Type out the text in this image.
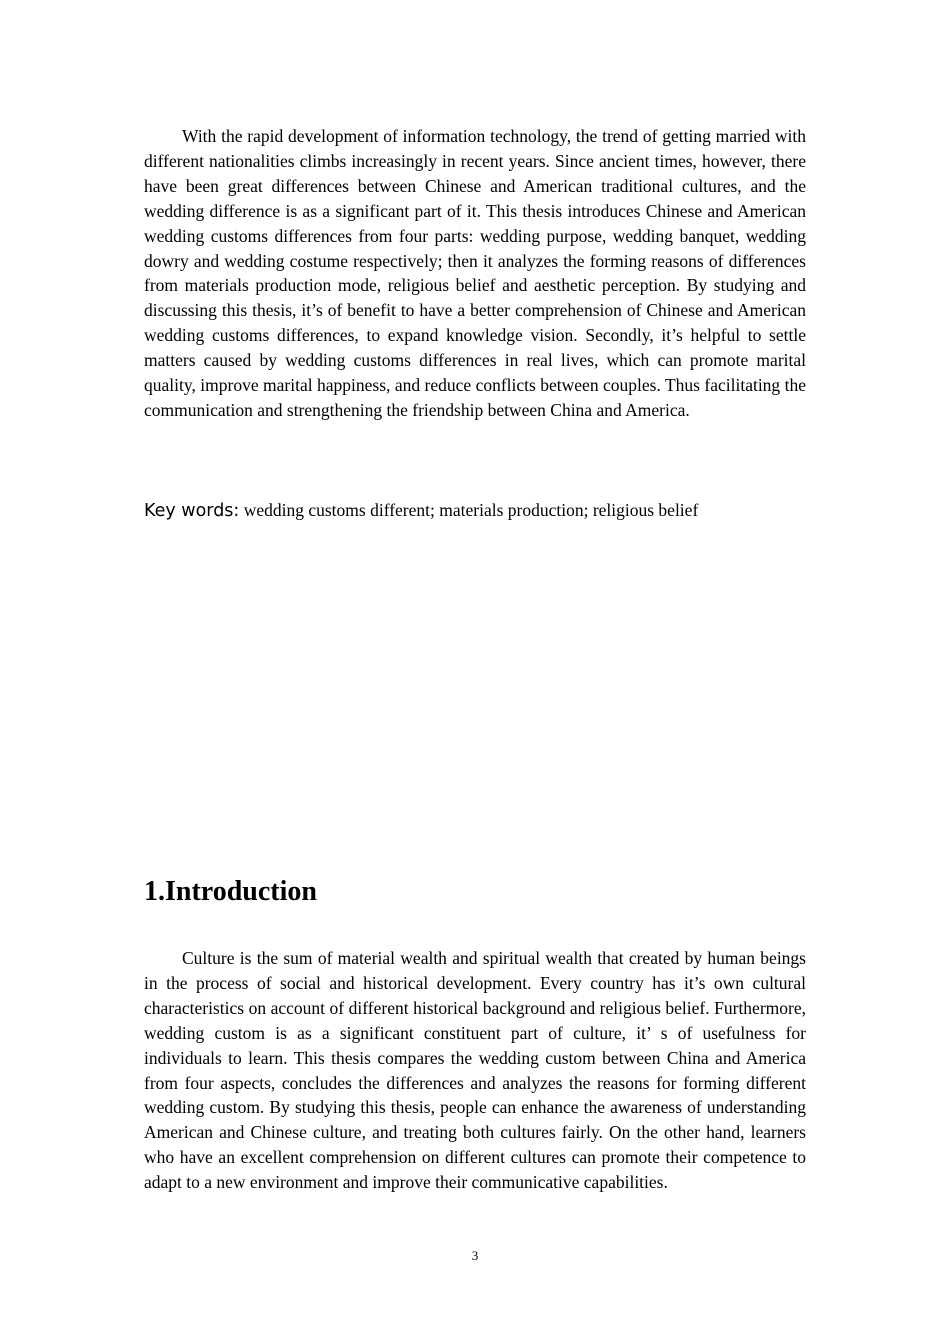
With the rapid development of information technology, the trend of getting married with different nationalities climbs increasingly in recent years. Since ancient times, however, there have been great differences between Chinese and American traditional cultures, and the wedding difference is as a significant part of it. This thesis introduces Chinese and American wedding customs differences from four parts: wedding purpose, wedding banquet, wedding dowry and wedding costume respectively; then it analyzes the forming reasons of differences from materials production mode, religious belief and aesthetic perception. By studying and discussing this thesis, it’s of benefit to have a better comprehension of Chinese and American wedding customs differences, to expand knowledge vision. Secondly, it’s helpful to settle matters caused by wedding customs differences in real lives, which can promote marital quality, improve marital happiness, and reduce conflicts between couples. Thus facilitating the communication and strengthening the friendship between China and America.

Key words: wedding customs different; materials production; religious belief

1.Introduction

Culture is the sum of material wealth and spiritual wealth that created by human beings in the process of social and historical development. Every country has it’s own cultural characteristics on account of different historical background and religious belief. Furthermore, wedding custom is as a significant constituent part of culture, it’ s of usefulness for individuals to learn. This thesis compares the wedding custom between China and America from four aspects, concludes the differences and analyzes the reasons for forming different wedding custom. By studying this thesis, people can enhance the awareness of understanding American and Chinese culture, and treating both cultures fairly. On the other hand, learners who have an excellent comprehension on different cultures can promote their competence to adapt to a new environment and improve their communicative capabilities.

3
